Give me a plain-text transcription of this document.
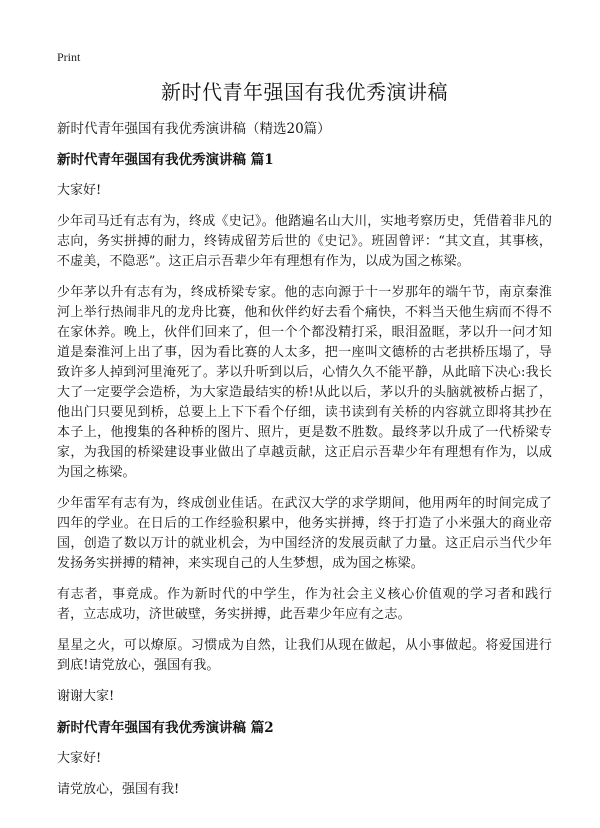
Print
新时代青年强国有我优秀演讲稿
新时代青年强国有我优秀演讲稿（精选20篇）
新时代青年强国有我优秀演讲稿 篇1

大家好!

少年司马迁有志有为，终成《史记》。他踏遍名山大川，实地考察历史，凭借着非凡的志向，务实拼搏的耐力，终铸成留芳后世的《史记》。班固曾评：“其文直，其事核，不虚美，不隐恶”。这正启示吾辈少年有理想有作为，以成为国之栋梁。

少年茅以升有志有为，终成桥梁专家。他的志向源于十一岁那年的端午节，南京秦淮河上举行热闹非凡的龙舟比赛，他和伙伴约好去看个痛快，不料当天他生病而不得不在家休养。晚上，伙伴们回来了，但一个个都没精打采，眼泪盈眶，茅以升一问才知道是秦淮河上出了事，因为看比赛的人太多，把一座叫文德桥的古老拱桥压塌了，导致许多人掉到河里淹死了。茅以升听到以后，心情久久不能平静，从此暗下决心:我长大了一定要学会造桥，为大家造最结实的桥!从此以后，茅以升的头脑就被桥占据了，他出门只要见到桥，总要上上下下看个仔细，读书读到有关桥的内容就立即将其抄在本子上，他搜集的各种桥的图片、照片，更是数不胜数。最终茅以升成了一代桥梁专家，为我国的桥梁建设事业做出了卓越贡献，这正启示吾辈少年有理想有作为，以成为国之栋梁。

少年雷军有志有为，终成创业佳话。在武汉大学的求学期间，他用两年的时间完成了四年的学业。在日后的工作经验积累中，他务实拼搏，终于打造了小米强大的商业帝国，创造了数以万计的就业机会，为中国经济的发展贡献了力量。这正启示当代少年发扬务实拼搏的精神，来实现自己的人生梦想，成为国之栋梁。

有志者，事竟成。作为新时代的中学生，作为社会主义核心价值观的学习者和践行者，立志成功，济世破壁，务实拼搏，此吾辈少年应有之志。

星星之火，可以燎原。习惯成为自然，让我们从现在做起，从小事做起。将爱国进行到底!请党放心，强国有我。

谢谢大家!

新时代青年强国有我优秀演讲稿 篇2

大家好!

请党放心，强国有我!
